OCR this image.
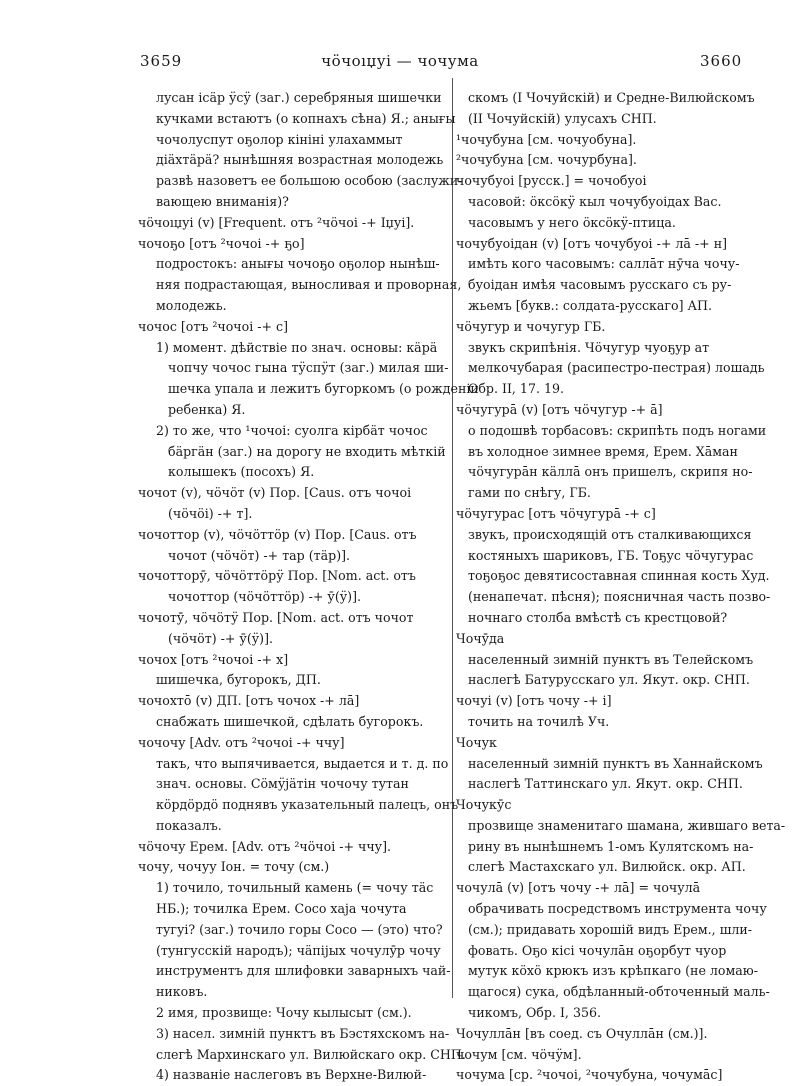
3659	чӧчоıџуі — чочума	3660
лусан ісäр ӱсӱ (заг.) серебряныя шишечки
кучками встаютъ (о копнахъ сѣна) Я.; анығы
чочолуспут оҕолор кініні улахаммыт
діäхтäрä? нынѣшняя возрастная молодежь
развѣ назоветъ ее большою особою (заслужи-
вающею вниманія)?
чӧчоıџуі (v) [Frequent. отъ ²чӧчоі -+ Іџуі].
чочоҕо [отъ ²чочоі -+ ҕо]
подростокъ: анығы чочоҕо оҕолор нынѣш-
няя подрастающая, выносливая и проворная,
молодежь.
чочос [отъ ²чочоі -+ с]
1) момент. дѣйствіе по знач. основы: кäрä
чопчу чочос гына тӱспӱт (заг.) милая ши-
шечка упала и лежитъ бугоркомъ (о рожденіи
ребенка) Я.
2) то же, что ¹чочоі: суолга кірбäт чочос
бäргäн (заг.) на дорогу не входить мѣткій
колышекъ (посохъ) Я.
чочот (v), чӧчӧт (v) Пор. [Caus. отъ чочоі
(чӧчӧі) -+ т].
чочоттор (v), чӧчӧттӧр (v) Пор. [Caus. отъ
чочот (чӧчӧт) -+ тар (тäр)].
чочотторӯ, чӧчӧттӧрӱ Пор. [Nom. act. отъ
чочоттор (чӧчӧттӧр) -+ ӯ(ӱ)].
чочотӯ, чӧчӧтӱ Пор. [Nom. act. отъ чочот
(чӧчӧт) -+ ӯ(ӱ)].
чочох [отъ ²чочоі -+ х]
шишечка, бугорокъ, ДП.
чочохтō (v) ДП. [отъ чочох -+ лā]
снабжать шишечкой, сдѣлать бугорокъ.
чочочу [Adv. отъ ²чочоі -+ ччу]
такъ, что выпячивается, выдается и т. д. по
знач. основы. Сӧмӱјäтін чочочу тутан
кӧрдӧрдӧ поднявъ указательный палецъ, онъ
показалъ.
чӧчочу Ерем. [Adv. отъ ²чӧчоі -+ ччу].
чочу, чочуу Іон. = точу (см.)
1) точило, точильный камень (= чочу тäс
НБ.); точилка Ерем. Сосо хаја чочута
тугуі? (заг.) точило горы Сосо — (это) что?
(тунгусскій народъ); чäпіјых чочулӯр чочу
инструментъ для шлифовки заварныхъ чай-
никовъ.
2 имя, прозвище: Чочу кылысыт (см.).
3) насел. зимній пунктъ въ Бэстяхскомъ на-
слегѣ Мархинскаго ул. Вилюйскаго окр. СНП.
4) названіе наслеговъ въ Верхне-Вилюй-
скомъ (І Чочуйскій) и Средне-Вилюйскомъ
(ІІ Чочуйскій) улусахъ СНП.
¹чочубуна [см. чочуобуна].
²чочубуна [см. чочурбуна].
чочубуоі [русск.] = чочобуоі
часовой: ӧксӧкӱ кыл чочубуоідах Вас.
часовымъ у него ӧксӧкӱ-птица.
чочубуоідан (v) [отъ чочубуоі -+ лā -+ н]
имѣть кого часовымъ: саллāт нӯча чочу-
буоідан имѣя часовымъ русскаго съ ру-
жьемъ [букв.: солдата-русскаго] АП.
чӧчугур и чочугур ГБ.
звукъ скрипѣнія. Чӧчугур чуоҕур ат
мелкочубарая (расипестро-пестрая) лошадь
Обр. ІІ, 17. 19.
чӧчугурā (v) [отъ чӧчугур -+ ā]
о подошвѣ торбасовъ: скрипѣть подъ ногами
въ холодное зимнее время, Ерем. Хāман
чӧчугурāн кäллā онъ пришелъ, скрипя но-
гами по снѣгу, ГБ.
чӧчугурас [отъ чӧчугурā -+ с]
звукъ, происходящій отъ сталкивающихся
костяныхъ шариковъ, ГБ. Тоҕус чӧчугурас
тоҕоҕос девятисоставная спинная кость Худ.
(ненапечат. пѣсня); поясничная часть позво-
ночнаго столба вмѣстѣ съ крестцовой?
Чочӯда
населенный зимній пунктъ въ Телейскомъ
наслегѣ Батурусскаго ул. Якут. окр. СНП.
чочуі (v) [отъ чочу -+ і]
точить на точилѣ Уч.
Чочук
населенный зимній пунктъ въ Ханнайскомъ
наслегѣ Таттинскаго ул. Якут. окр. СНП.
Чочукӯс
прозвище знаменитаго шамана, жившаго вета-
рину въ нынѣшнемъ 1-омъ Кулятскомъ на-
слегѣ Мастахскаго ул. Вилюйск. окр. АП.
чочулā (v) [отъ чочу -+ лā] = чочулā
обрачивать посредствомъ инструмента чочу
(см.); придавать хорошій видъ Ерем., шли-
фовать. Оҕо кісі чочулāн оҕорбут чуор
мутук кӧхӧ крюкъ изъ крѣпкаго (не ломаю-
щагося) сука, обдѣланный-обточенный маль-
чикомъ, Обр. І, 356.
Чочуллāн [въ соед. съ Очуллāн (см.)].
чочум [см. чӧчӱм].
чочума [ср. ²чочоі, ²чочубуна, чочумāс]
